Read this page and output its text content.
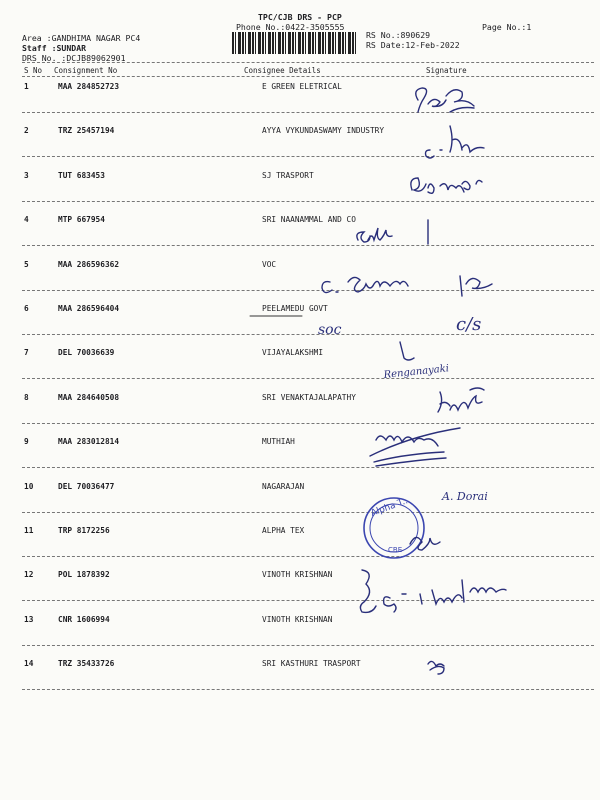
TPC/CJB DRS - PCP
Phone No.:0422-3505555	Page No.:1
Area :GANDHIMA NAGAR PC4
Staff :SUNDAR
DRS No. :DCJB89062901
RS No.:890629
RS Date:12-Feb-2022
S No Consignment No	Consignee Details	Signature
1	MAA 284852723	E GREEN ELETRICAL
2	TRZ 25457194	AYYA VYKUNDASWAMY INDUSTRY
3	TUT 683453	SJ TRASPORT
4	MTP 667954	SRI NAANAMMAL AND CO
5	MAA 286596362	VOC
6	MAA 286596404	PEELAMEDU GOVT
7	DEL 70036639	VIJAYALAKSHMI
8	MAA 284640508	SRI VENAKTAJALAPATHY
9	MAA 283012814	MUTHIAH
10	DEL 70036477	NAGARAJAN
11	TRP 8172256	ALPHA TEX
12	POL 1878392	VINOTH KRISHNAN
13	CNR 1606994	VINOTH KRISHNAN
14	TRZ 35433726	SRI KASTHURI TRASPORT
soc	c/s
Renganayaki
A. Dorai
Alpha T..
CBE
